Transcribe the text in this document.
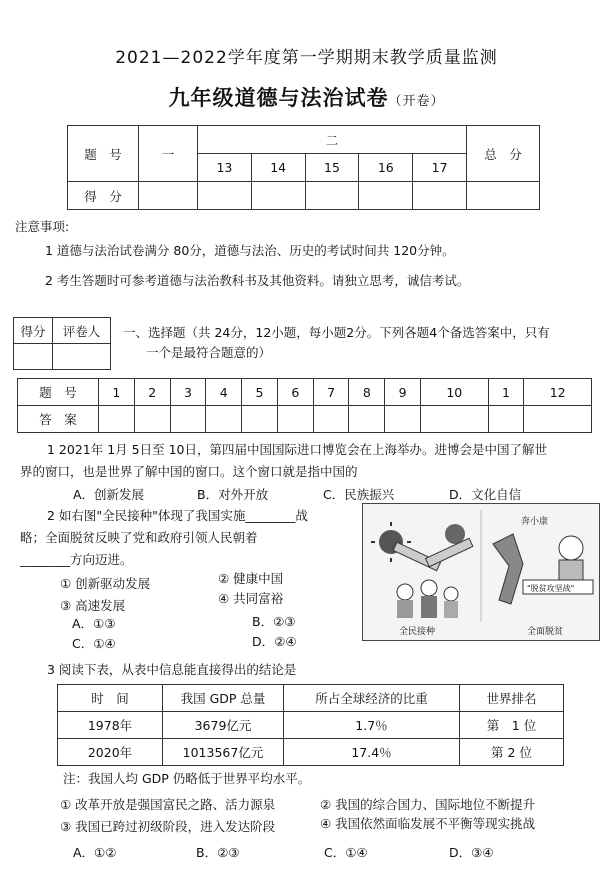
2021—2022学年度第一学期期末教学质量监测
九年级道德与法治试卷（开卷）
题　号	一	二					总　分
		13	14	15	16	17	
得　分							
注意事项:
1 道德与法治试卷满分 80分，道德与法治、历史的考试时间共 120分钟。
2 考生答题时可参考道德与法治教科书及其他资料。请独立思考，诚信考试。
得分	评卷人
	一、选择题（共 24分，12小题，每小题2分。下列各题4个备选答案中，只有
一个是最符合题意的）
题　号	1	2	3	4	5	6	7	8	9	10	1	12
答　案												
1 2021年 1月 5日至 10日，第四届中国国际进口博览会在上海举办。进博会是中国了解世
界的窗口，也是世界了解中国的窗口。这个窗口就是指中国的
A．创新发展	B．对外开放	C．民族振兴	D．文化自信
2 如右图"全民接种"体现了我国实施________战
略；全面脱贫反映了党和政府引领人民朝着
________方向迈进。
① 创新驱动发展	② 健康中国
③ 高速发展	④ 共同富裕
A．①③	B．②③
C．①④	D．②④
奔小康
"脱贫攻坚战"
全民接种	全面脱贫
3 阅读下表，从表中信息能直接得出的结论是
时　间	我国 GDP 总量	所占全球经济的比重	世界排名
1978年	3679亿元	1.7％	第　1 位
2020年	1013567亿元	17.4％	第 2 位
注：我国人均 GDP 仍略低于世界平均水平。
① 改革开放是强国富民之路、活力源泉	② 我国的综合国力、国际地位不断提升
③ 我国已跨过初级阶段，进入发达阶段	④ 我国依然面临发展不平衡等现实挑战
A．①②	B．②③	C．①④	D．③④
